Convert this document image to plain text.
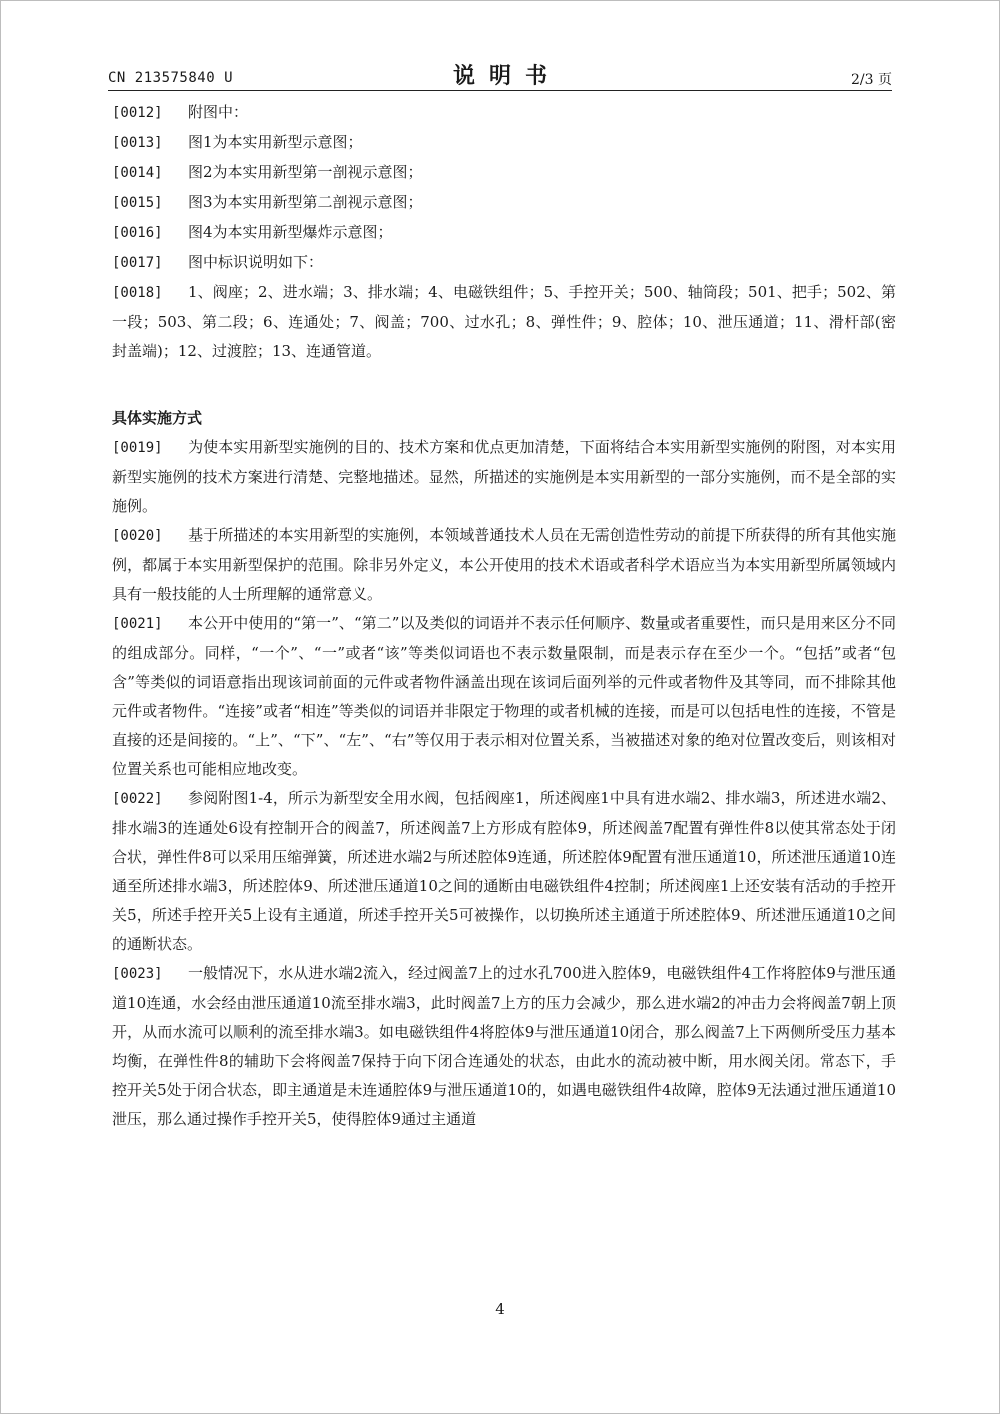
CN 213575840 U	说明书	2/3 页

[0012] 附图中：

[0013] 图1为本实用新型示意图；

[0014] 图2为本实用新型第一剖视示意图；

[0015] 图3为本实用新型第二剖视示意图；

[0016] 图4为本实用新型爆炸示意图；

[0017] 图中标识说明如下：

[0018] 1、阀座；2、进水端；3、排水端；4、电磁铁组件；5、手控开关；500、轴筒段；501、把手；502、第一段；503、第二段；6、连通处；7、阀盖；700、过水孔；8、弹性件；9、腔体；10、泄压通道；11、滑杆部(密封盖端)；12、过渡腔；13、连通管道。

具体实施方式

[0019] 为使本实用新型实施例的目的、技术方案和优点更加清楚，下面将结合本实用新型实施例的附图，对本实用新型实施例的技术方案进行清楚、完整地描述。显然，所描述的实施例是本实用新型的一部分实施例，而不是全部的实施例。

[0020] 基于所描述的本实用新型的实施例，本领域普通技术人员在无需创造性劳动的前提下所获得的所有其他实施例，都属于本实用新型保护的范围。除非另外定义，本公开使用的技术术语或者科学术语应当为本实用新型所属领域内具有一般技能的人士所理解的通常意义。

[0021] 本公开中使用的“第一”、“第二”以及类似的词语并不表示任何顺序、数量或者重要性，而只是用来区分不同的组成部分。同样，“一个”、“一”或者“该”等类似词语也不表示数量限制，而是表示存在至少一个。“包括”或者“包含”等类似的词语意指出现该词前面的元件或者物件涵盖出现在该词后面列举的元件或者物件及其等同，而不排除其他元件或者物件。“连接”或者“相连”等类似的词语并非限定于物理的或者机械的连接，而是可以包括电性的连接，不管是直接的还是间接的。“上”、“下”、“左”、“右”等仅用于表示相对位置关系，当被描述对象的绝对位置改变后，则该相对位置关系也可能相应地改变。

[0022] 参阅附图1-4，所示为新型安全用水阀，包括阀座1，所述阀座1中具有进水端2、排水端3，所述进水端2、排水端3的连通处6设有控制开合的阀盖7，所述阀盖7上方形成有腔体9，所述阀盖7配置有弹性件8以使其常态处于闭合状，弹性件8可以采用压缩弹簧，所述进水端2与所述腔体9连通，所述腔体9配置有泄压通道10，所述泄压通道10连通至所述排水端3，所述腔体9、所述泄压通道10之间的通断由电磁铁组件4控制；所述阀座1上还安装有活动的手控开关5，所述手控开关5上设有主通道，所述手控开关5可被操作，以切换所述主通道于所述腔体9、所述泄压通道10之间的通断状态。

[0023] 一般情况下，水从进水端2流入，经过阀盖7上的过水孔700进入腔体9，电磁铁组件4工作将腔体9与泄压通道10连通，水会经由泄压通道10流至排水端3，此时阀盖7上方的压力会减少，那么进水端2的冲击力会将阀盖7朝上顶开，从而水流可以顺利的流至排水端3。如电磁铁组件4将腔体9与泄压通道10闭合，那么阀盖7上下两侧所受压力基本均衡，在弹性件8的辅助下会将阀盖7保持于向下闭合连通处的状态，由此水的流动被中断，用水阀关闭。常态下，手控开关5处于闭合状态，即主通道是未连通腔体9与泄压通道10的，如遇电磁铁组件4故障，腔体9无法通过泄压通道10泄压，那么通过操作手控开关5，使得腔体9通过主通道

4
